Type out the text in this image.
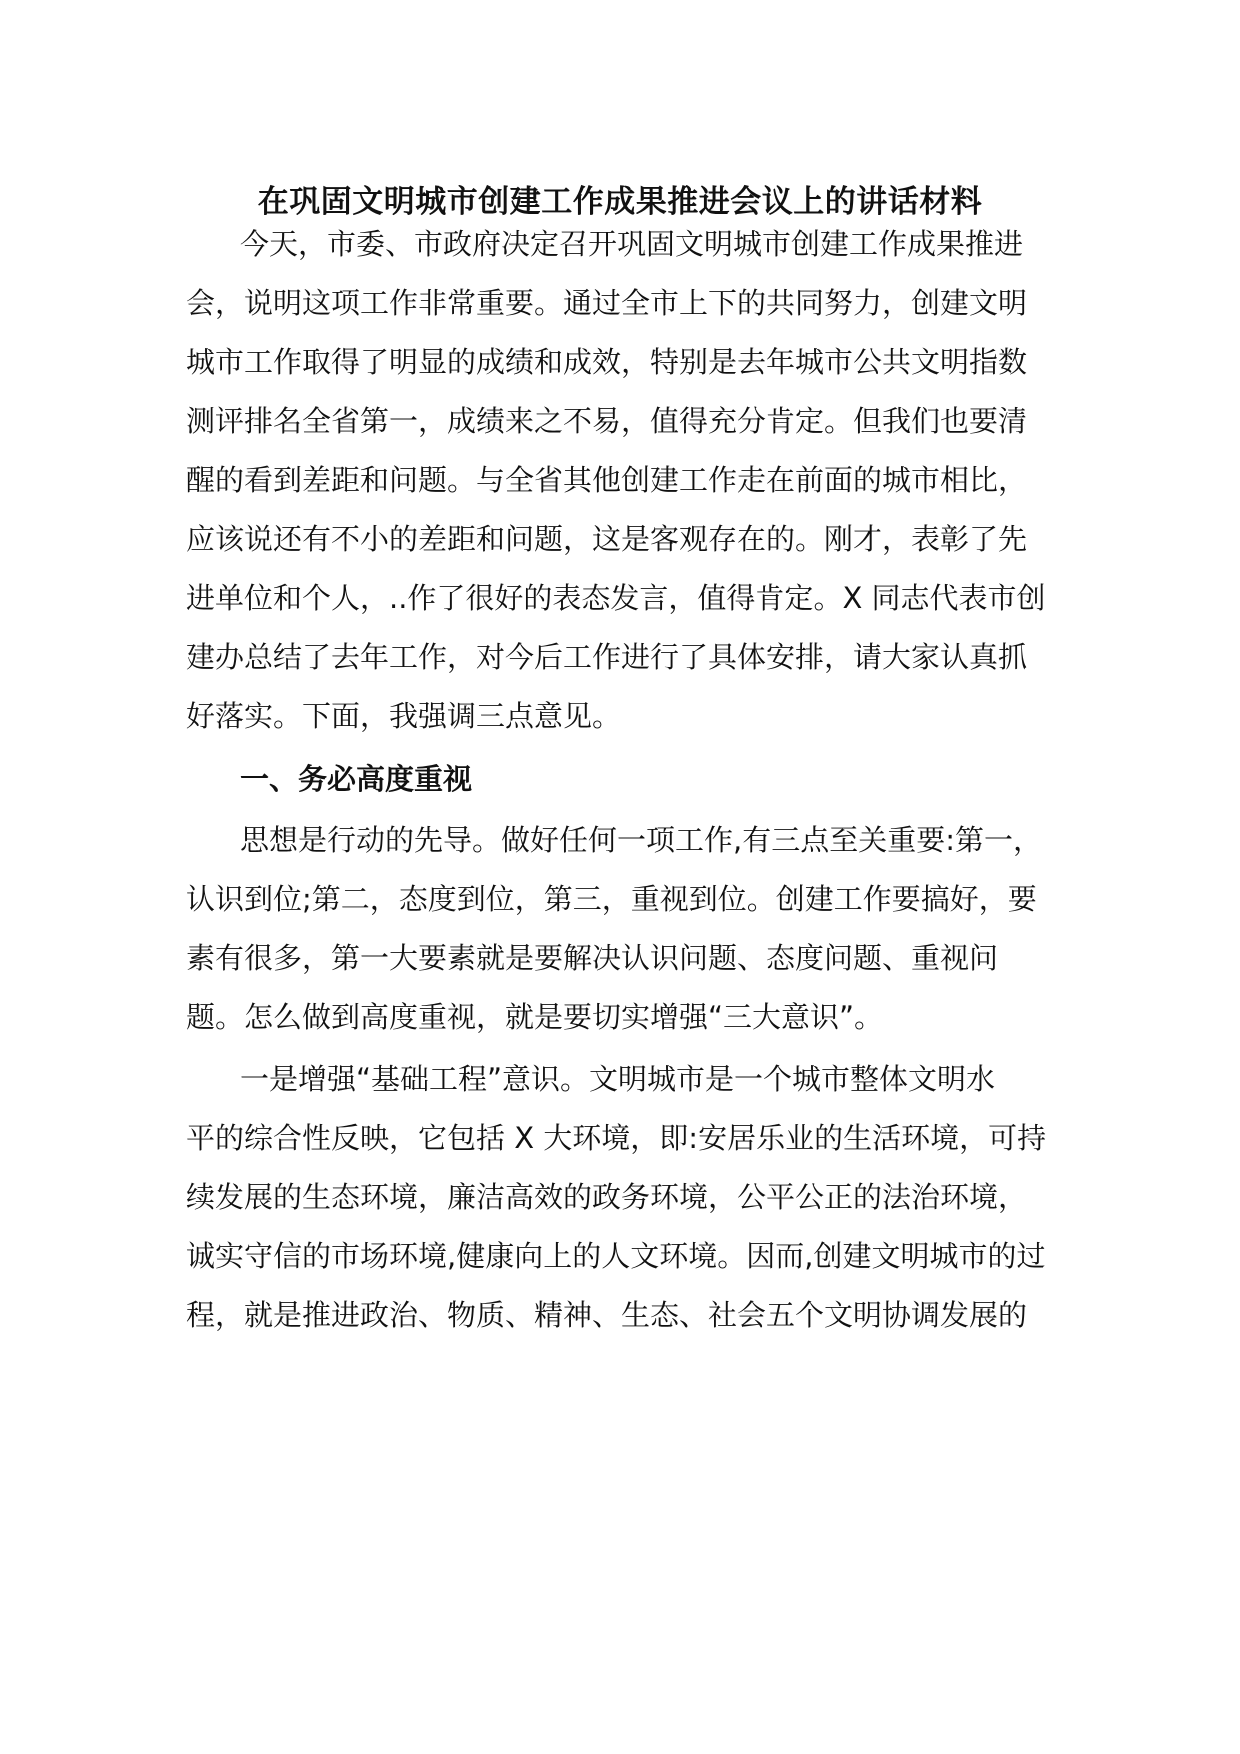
在巩固文明城市创建工作成果推进会议上的讲话材料
今天，市委、市政府决定召开巩固文明城市创建工作成果推进
会，说明这项工作非常重要。通过全市上下的共同努力，创建文明
城市工作取得了明显的成绩和成效，特别是去年城市公共文明指数
测评排名全省第一，成绩来之不易，值得充分肯定。但我们也要清
醒的看到差距和问题。与全省其他创建工作走在前面的城市相比，
应该说还有不小的差距和问题，这是客观存在的。刚才，表彰了先
进单位和个人，..作了很好的表态发言，值得肯定。X 同志代表市创
建办总结了去年工作，对今后工作进行了具体安排，请大家认真抓
好落实。下面，我强调三点意见。
一、务必高度重视
思想是行动的先导。做好任何一项工作,有三点至关重要:第一，
认识到位;第二，态度到位，第三，重视到位。创建工作要搞好，要
素有很多，第一大要素就是要解决认识问题、态度问题、重视问
题。怎么做到高度重视，就是要切实增强“三大意识”。
一是增强“基础工程”意识。文明城市是一个城市整体文明水
平的综合性反映，它包括 X 大环境，即:安居乐业的生活环境，可持
续发展的生态环境，廉洁高效的政务环境，公平公正的法治环境，
诚实守信的市场环境,健康向上的人文环境。因而,创建文明城市的过
程，就是推进政治、物质、精神、生态、社会五个文明协调发展的
